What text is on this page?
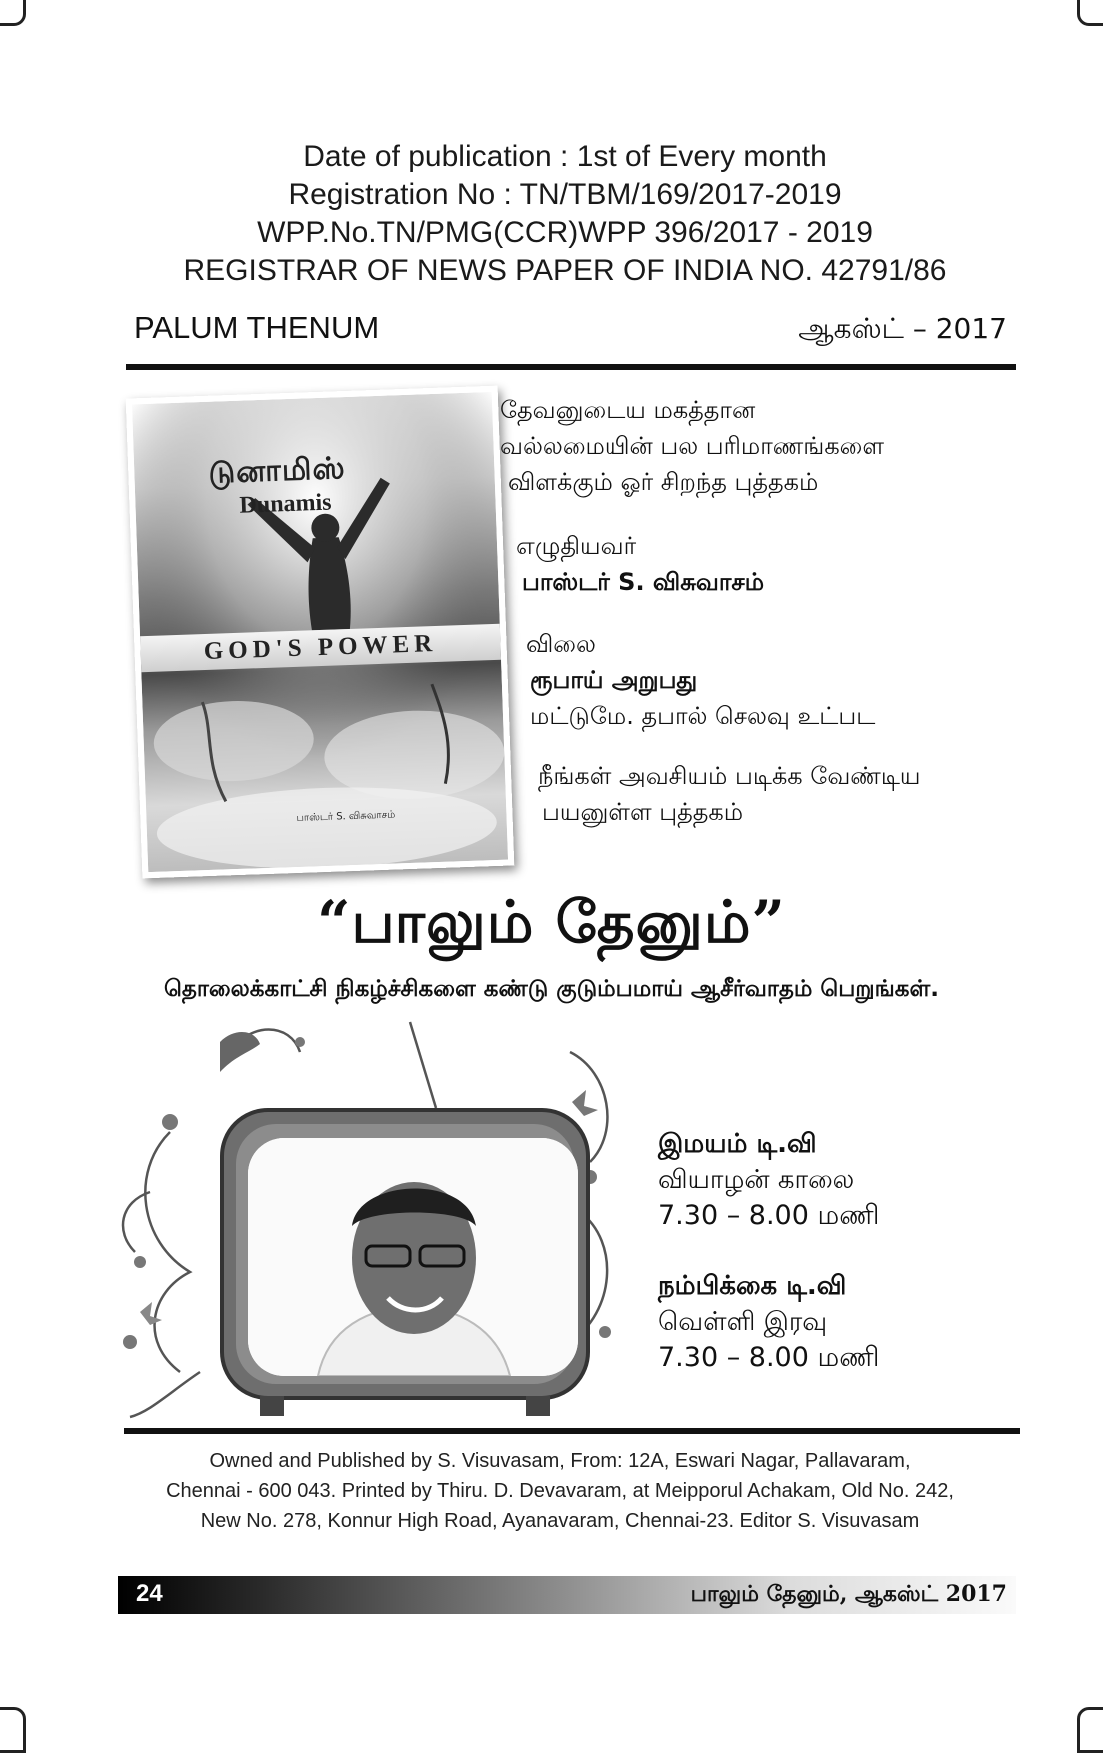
Date of publication : 1st of Every month
Registration No : TN/TBM/169/2017-2019
WPP.No.TN/PMG(CCR)WPP 396/2017 - 2019
REGISTRAR OF NEWS PAPER OF INDIA NO. 42791/86
PALUM THENUM	ஆகஸ்ட் – 2017
டுனாமிஸ்
Dunamis
GOD'S POWER
பாஸ்டர் S. விசுவாசம்
தேவனுடைய மகத்தான
வல்லமையின் பல பரிமாணங்களை
விளக்கும் ஓர் சிறந்த புத்தகம்
எழுதியவர்
பாஸ்டர் S. விசுவாசம்
விலை
ரூபாய் அறுபது
மட்டுமே. தபால் செலவு உட்பட
நீங்கள் அவசியம் படிக்க வேண்டிய
பயனுள்ள புத்தகம்
“பாலும் தேனும்”
தொலைக்காட்சி நிகழ்ச்சிகளை கண்டு குடும்பமாய் ஆசீர்வாதம் பெறுங்கள்.
இமயம் டி.வி
வியாழன் காலை
7.30 – 8.00 மணி
நம்பிக்கை டி.வி
வெள்ளி இரவு
7.30 – 8.00 மணி
Owned and Published by S. Visuvasam, From: 12A, Eswari Nagar, Pallavaram,
Chennai - 600 043. Printed by Thiru. D. Devavaram, at Meipporul Achakam, Old No. 242,
New No. 278, Konnur High Road, Ayanavaram, Chennai-23. Editor S. Visuvasam
24	பாலும் தேனும், ஆகஸ்ட் 2017
